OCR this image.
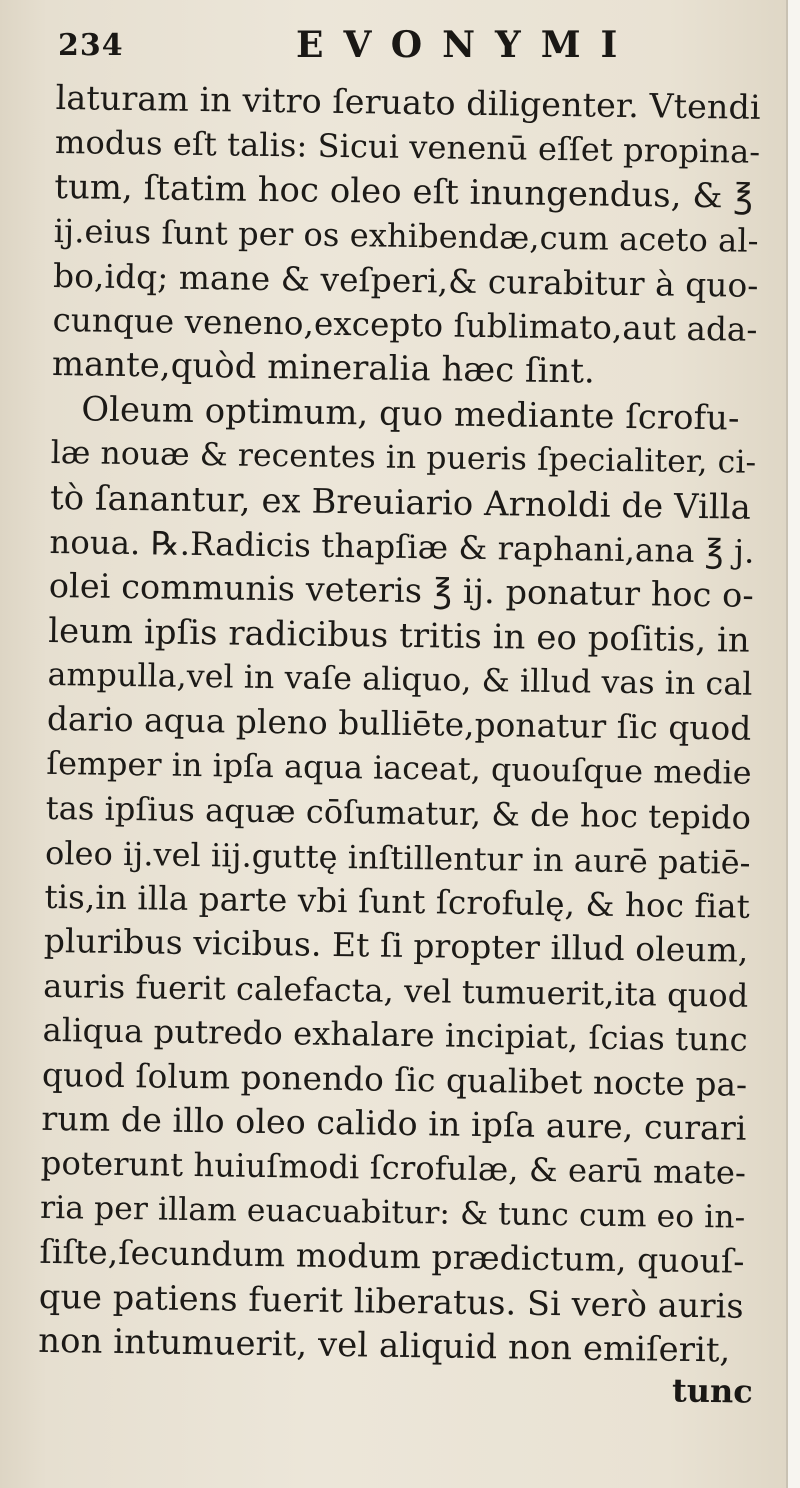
234	EVONYMI
laturam in vitro ſeruato diligenter. Vtendi
modus eſt talis: Sicui venenū eſſet propina-
tum, ſtatim hoc oleo eſt inungendus, & ℥
ij.eius ſunt per os exhibendæ,cum aceto al-
bo,idq; mane & veſperi,& curabitur à quo-
cunque veneno,excepto ſublimato,aut ada-
mante,quòd mineralia hæc ſint.
Oleum optimum, quo mediante ſcrofu-
læ nouæ & recentes in pueris ſpecialiter, ci-
tò ſanantur, ex Breuiario Arnoldi de Villa
noua. ℞.Radicis thapſiæ & raphani,ana ℥ j.
olei communis veteris ℥ ij. ponatur hoc o-
leum ipſis radicibus tritis in eo poſitis, in
ampulla,vel in vaſe aliquo, & illud vas in cal
dario aqua pleno bulliēte,ponatur ſic quod
ſemper in ipſa aqua iaceat, quouſque medie
tas ipſius aquæ cōſumatur, & de hoc tepido
oleo ij.vel iij.guttę inſtillentur in aurē patiē-
tis,in illa parte vbi ſunt ſcrofulę, & hoc fiat
pluribus vicibus. Et ſi propter illud oleum,
auris fuerit calefacta, vel tumuerit,ita quod
aliqua putredo exhalare incipiat, ſcias tunc
quod ſolum ponendo ſic qualibet nocte pa-
rum de illo oleo calido in ipſa aure, curari
poterunt huiuſmodi ſcrofulæ, & earū mate-
ria per illam euacuabitur: & tunc cum eo in-
ſiſte,ſecundum modum prædictum, quouſ-
que patiens fuerit liberatus. Si verò auris
non intumuerit, vel aliquid non emiſerit,
tunc
